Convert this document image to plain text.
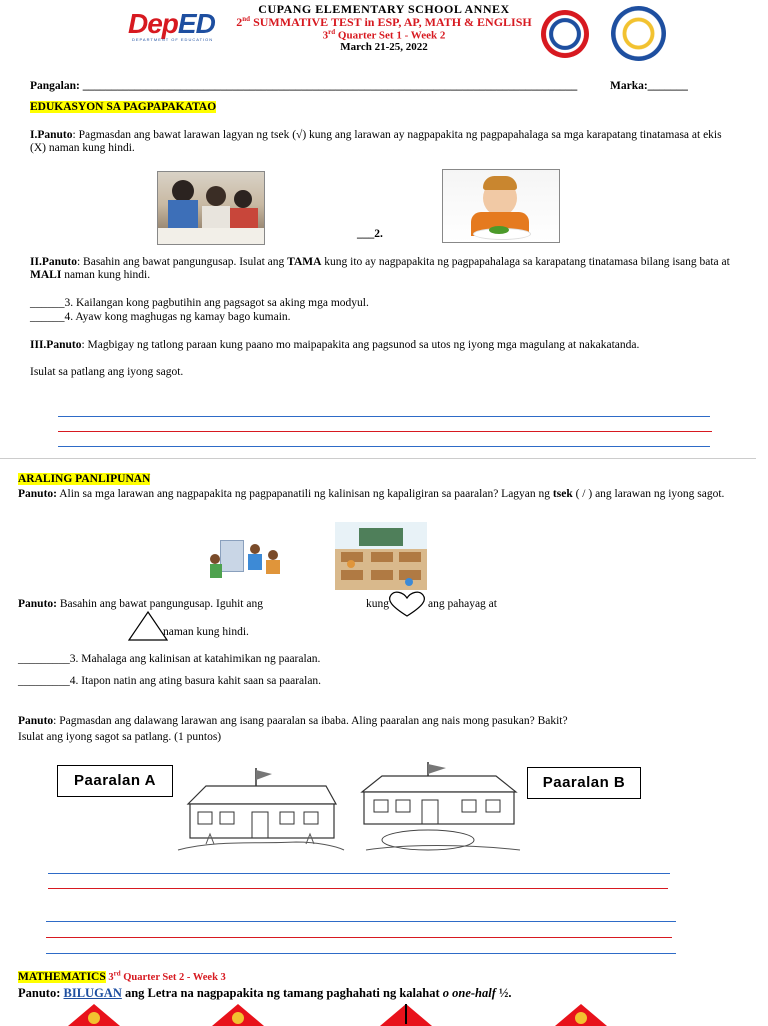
DepED
DEPARTMENT OF EDUCATION
CUPANG ELEMENTARY SCHOOL ANNEX
2nd SUMMATIVE TEST in ESP, AP, MATH & ENGLISH
3rd Quarter Set 1 - Week 2
March 21-25, 2022
Pangalan: ______________________________________________________________________________________	Marka:_______
EDUKASYON SA PAGPAPAKATAO
I.Panuto: Pagmasdan ang bawat larawan lagyan ng tsek (√) kung ang larawan ay nagpapakita ng pagpapahalaga sa mga karapatang tinatamasa at ekis (X) naman kung hindi.
___2.
II.Panuto: Basahin ang bawat pangungusap. Isulat ang TAMA kung ito ay nagpapakita ng pagpapahalaga sa karapatang tinatamasa bilang isang bata at MALI naman kung hindi.
______3. Kailangan kong pagbutihin ang pagsagot sa aking mga modyul.
______4. Ayaw kong maghugas ng kamay bago kumain.
III.Panuto: Magbigay ng tatlong paraan kung paano mo maipapakita ang pagsunod sa utos ng iyong mga magulang at nakakatanda.
Isulat sa patlang ang iyong sagot.
ARALING PANLIPUNAN
Panuto: Alin sa mga larawan ang nagpapakita ng pagpapanatili ng kalinisan ng kapaligiran sa paaralan? Lagyan ng tsek ( / ) ang larawan ng iyong sagot.
Panuto: Basahin ang bawat pangungusap. Iguhit ang	kung	ang pahayag at
naman kung hindi.
_________3. Mahalaga ang kalinisan at katahimikan ng paaralan.
_________4. Itapon natin ang ating basura kahit saan sa paaralan.
Panuto: Pagmasdan ang dalawang larawan ang isang paaralan sa ibaba. Aling paaralan ang nais mong pasukan? Bakit?
Isulat ang iyong sagot sa patlang. (1 puntos)
Paaralan A	Paaralan B
MATHEMATICS 3rd Quarter Set 2 - Week 3
Panuto: BILUGAN ang Letra na nagpapakita ng tamang paghahati ng kalahat o one-half ½.
